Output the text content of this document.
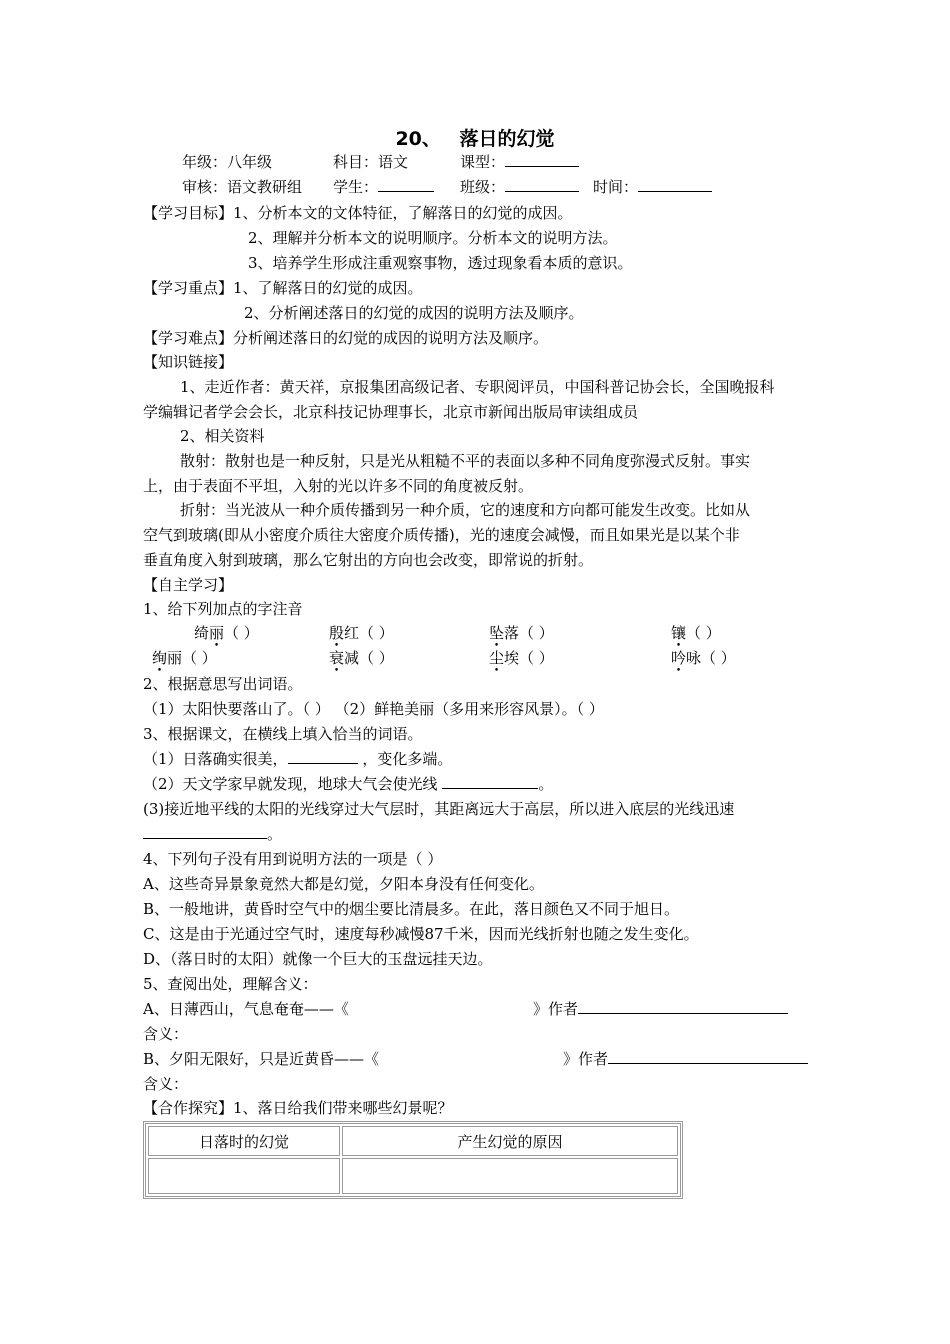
20、 落日的幻觉
年级：八年级	科目：语文	课型：
审核：语文教研组 学生：	班级：	时间：
【学习目标】1、分析本文的文体特征，了解落日的幻觉的成因。
2、理解并分析本文的说明顺序。分析本文的说明方法。
3、培养学生形成注重观察事物，透过现象看本质的意识。
【学习重点】1、了解落日的幻觉的成因。
2、分析阐述落日的幻觉的成因的说明方法及顺序。
【学习难点】分析阐述落日的幻觉的成因的说明方法及顺序。
【知识链接】
1、走近作者：黄天祥，京报集团高级记者、专职阅评员，中国科普记协会长，全国晚报科
学编辑记者学会会长，北京科技记协理事长，北京市新闻出版局审读组成员
2、相关资料
散射：散射也是一种反射，只是光从粗糙不平的表面以多种不同角度弥漫式反射。事实
上，由于表面不平坦，入射的光以许多不同的角度被反射。
折射：当光波从一种介质传播到另一种介质，它的速度和方向都可能发生改变。比如从
空气到玻璃(即从小密度介质往大密度介质传播)，光的速度会减慢，而且如果光是以某个非
垂直角度入射到玻璃，那么它射出的方向也会改变，即常说的折射。
【自主学习】
1、给下列加点的字注音
绮丽（ ）	殷红（ ）	坠落（ ）	镶（ ）
绚丽（ ）	衰减（ ）	尘埃（ ）	吟咏（ ）
2、根据意思写出词语。
（1）太阳快要落山了。（ ） （2）鲜艳美丽（多用来形容风景）。（ ）
3、根据课文，在横线上填入恰当的词语。
（1）日落确实很美，	，变化多端。
（2）天文学家早就发现，地球大气会使光线	。
(3)接近地平线的太阳的光线穿过大气层时，其距离远大于高层，所以进入底层的光线迅速
。
4、下列句子没有用到说明方法的一项是（ ）
A、这些奇异景象竟然大都是幻觉，夕阳本身没有任何变化。
B、一般地讲，黄昏时空气中的烟尘要比清晨多。在此，落日颜色又不同于旭日。
C、这是由于光通过空气时，速度每秒减慢87千米，因而光线折射也随之发生变化。
D、（落日时的太阳）就像一个巨大的玉盘远挂天边。
5、查阅出处，理解含义：
A、日薄西山，气息奄奄——《	》作者
含义：
B、夕阳无限好，只是近黄昏——《	》作者
含义：
【合作探究】1、落日给我们带来哪些幻景呢？
日落时的幻觉	产生幻觉的原因
